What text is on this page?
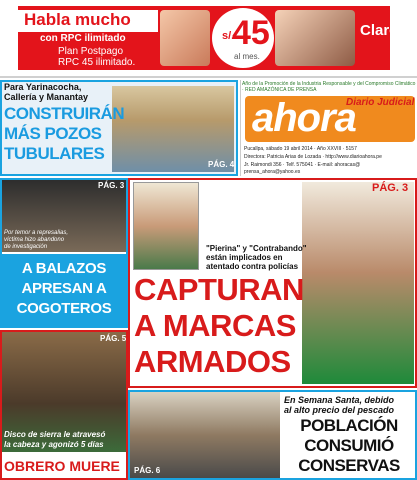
Habla mucho
con RPC ilimitado
Plan Postpago
RPC 45 ilimitado.
s/.
45
al mes.
Claro
Para Yarinacocha,
Callería y Manantay
CONSTRUIRÁN
MÁS POZOS
TUBULARES
PÁG. 4
Año de la Promoción de la Industria Responsable y del Compromiso Climático · RED AMAZÓNICA DE PRENSA
ahora
Diario Judicial
Pucallpa, sábado 19 abril 2014 · Año XXVIII · 5157
Directora: Patricia Arias de Lozada · http://www.diarioahora.pe
Jr. Raimondi 356 · Telf. 575041 · E-mail: ahoracas@
prensa_ahora@yahoo.es
PÁG. 3
Por temor a represalias,
víctima hizo abandono
de investigación
A BALAZOS
APRESAN A
COGOTEROS
PÁG. 3
"Pierina" y "Contrabando"
están implicados en
atentado contra policías
CAPTURAN
A MARCAS
ARMADOS
PÁG. 5
Disco de sierra le atravesó
la cabeza y agonizó 5 días
OBRERO MUERE PÁG. 6
En Semana Santa, debido
al alto precio del pescado
POBLACIÓN
CONSUMIÓ
CONSERVAS
